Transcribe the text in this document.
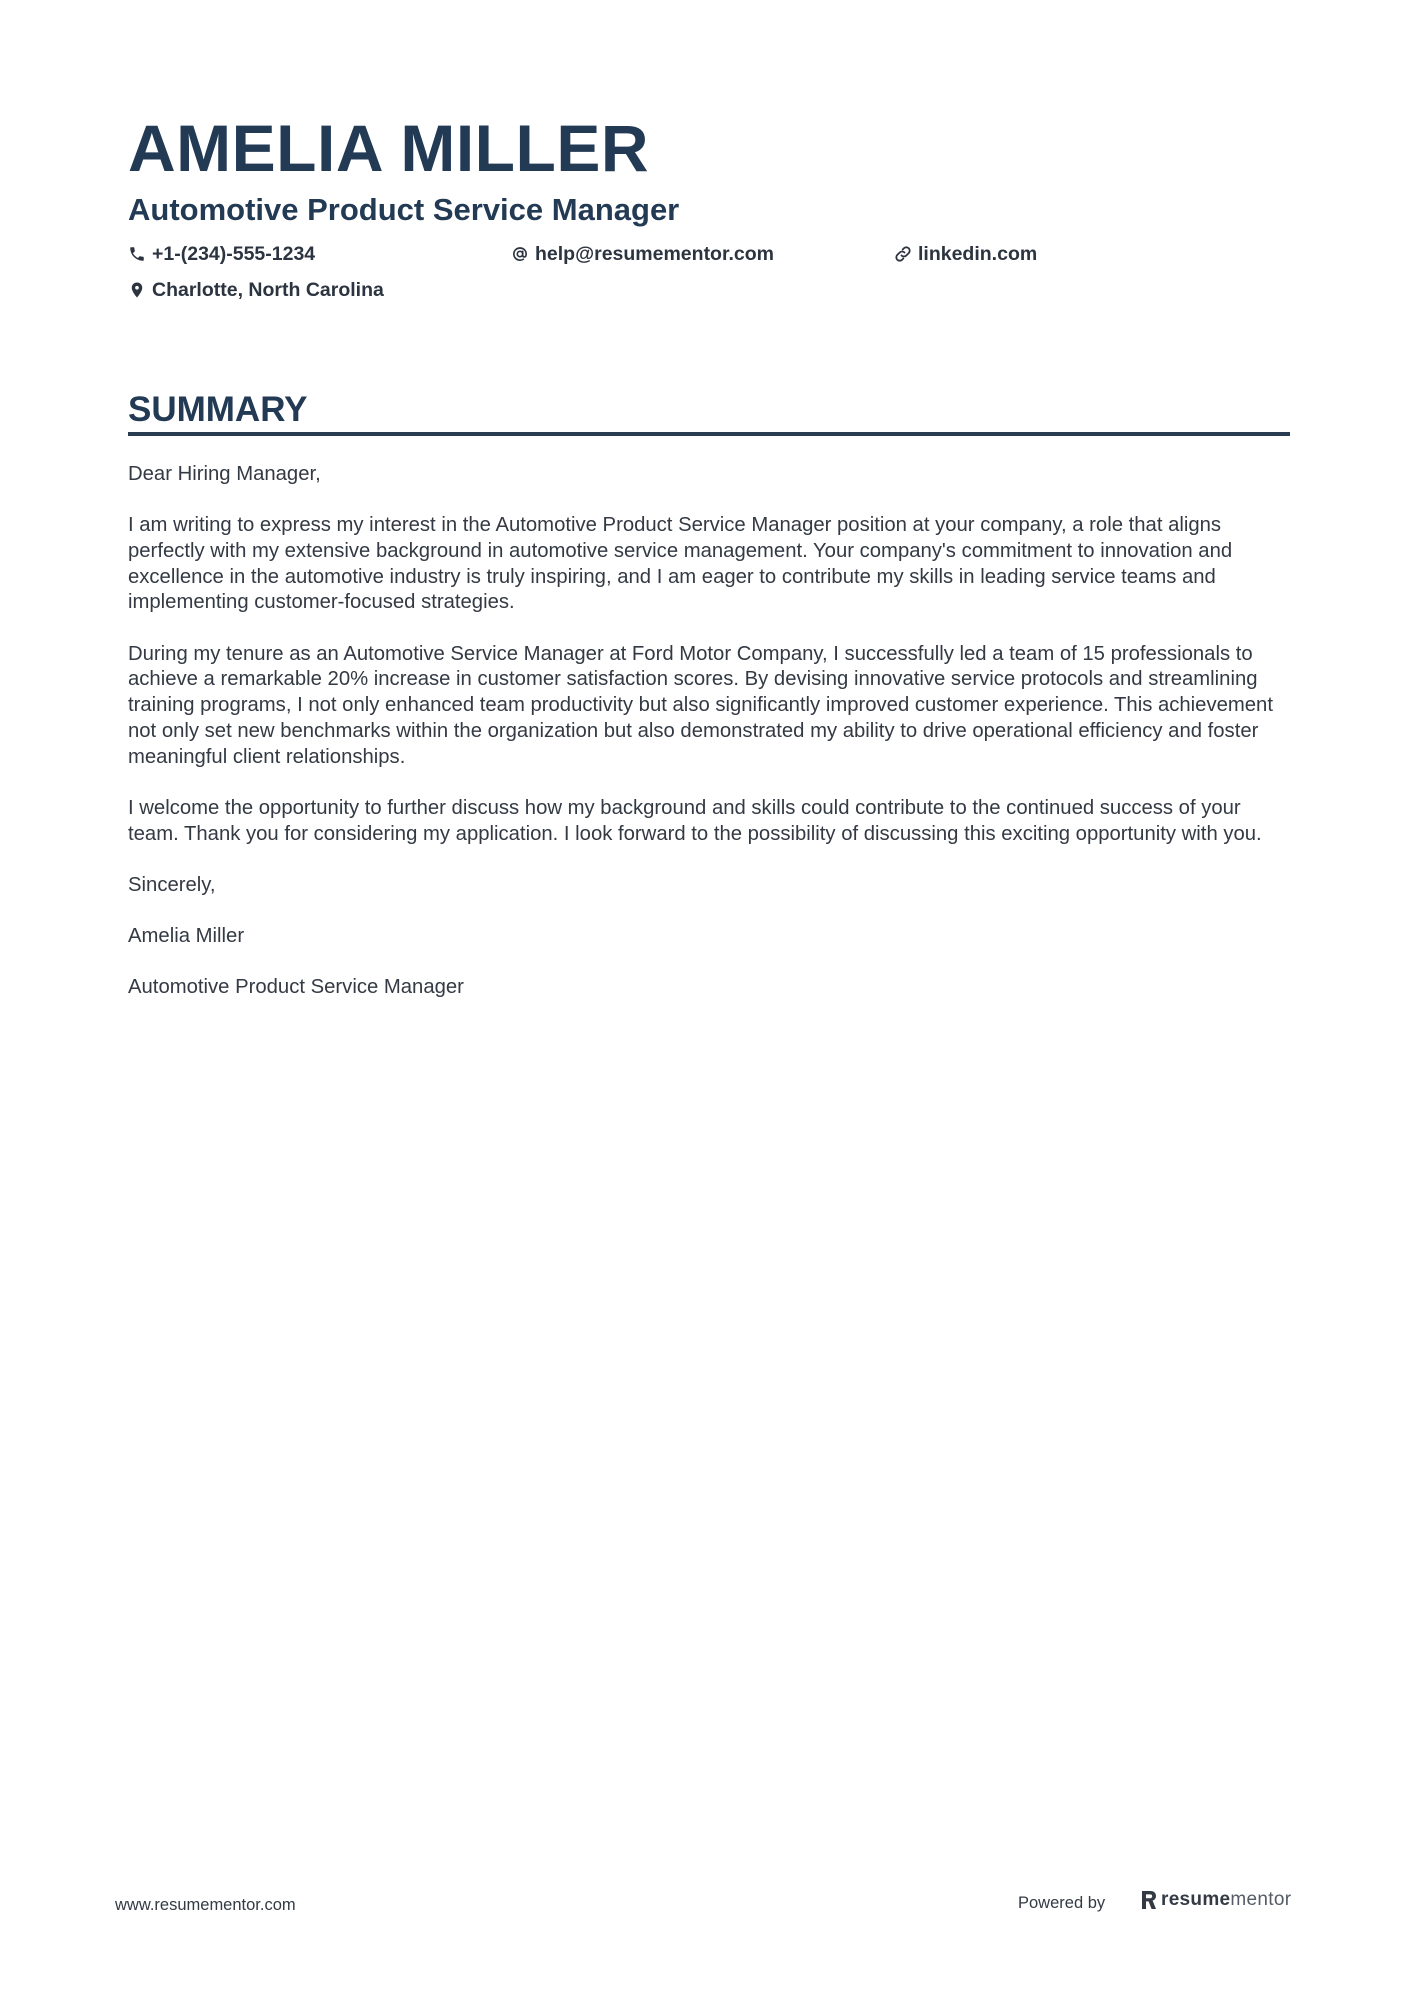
AMELIA MILLER
Automotive Product Service Manager
+1-(234)-555-1234	help@resumementor.com	linkedin.com
Charlotte, North Carolina
SUMMARY

Dear Hiring Manager,

I am writing to express my interest in the Automotive Product Service Manager position at your company, a role that aligns perfectly with my extensive background in automotive service management. Your company's commitment to innovation and excellence in the automotive industry is truly inspiring, and I am eager to contribute my skills in leading service teams and implementing customer-focused strategies.

During my tenure as an Automotive Service Manager at Ford Motor Company, I successfully led a team of 15 professionals to achieve a remarkable 20% increase in customer satisfaction scores. By devising innovative service protocols and streamlining training programs, I not only enhanced team productivity but also significantly improved customer experience. This achievement not only set new benchmarks within the organization but also demonstrated my ability to drive operational efficiency and foster meaningful client relationships.

I welcome the opportunity to further discuss how my background and skills could contribute to the continued success of your team. Thank you for considering my application. I look forward to the possibility of discussing this exciting opportunity with you.

Sincerely,

Amelia Miller

Automotive Product Service Manager

www.resumementor.com	Powered by	resume mentor
